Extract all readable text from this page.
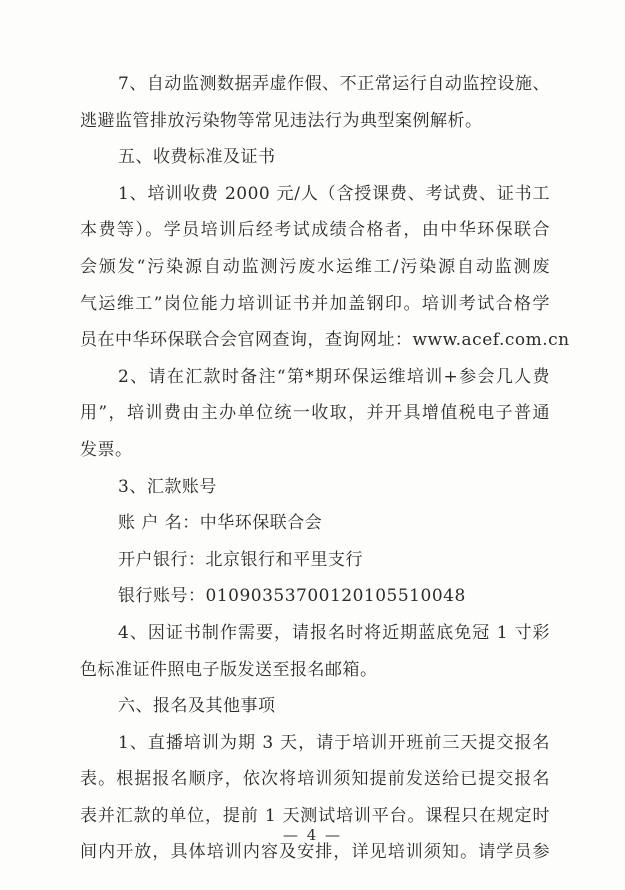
7、自动监测数据弄虚作假、不正常运行自动监控设施、
逃避监管排放污染物等常见违法行为典型案例解析。
五、收费标准及证书
1、培训收费 2000 元/人（含授课费、考试费、证书工
本费等）。学员培训后经考试成绩合格者，由中华环保联合
会颁发“污染源自动监测污废水运维工/污染源自动监测废
气运维工”岗位能力培训证书并加盖钢印。培训考试合格学
员在中华环保联合会官网查询，查询网址：www.acef.com.cn
2、请在汇款时备注“第*期环保运维培训+参会几人费
用”，培训费由主办单位统一收取，并开具增值税电子普通
发票。
3、汇款账号
账 户 名：中华环保联合会
开户银行：北京银行和平里支行
银行账号：01090353700120105510048
4、因证书制作需要，请报名时将近期蓝底免冠 1 寸彩
色标准证件照电子版发送至报名邮箱。
六、报名及其他事项
1、直播培训为期 3 天，请于培训开班前三天提交报名
表。根据报名顺序，依次将培训须知提前发送给已提交报名
表并汇款的单位，提前 1 天测试培训平台。课程只在规定时
间内开放，具体培训内容及安排，详见培训须知。请学员参
— 4 —
